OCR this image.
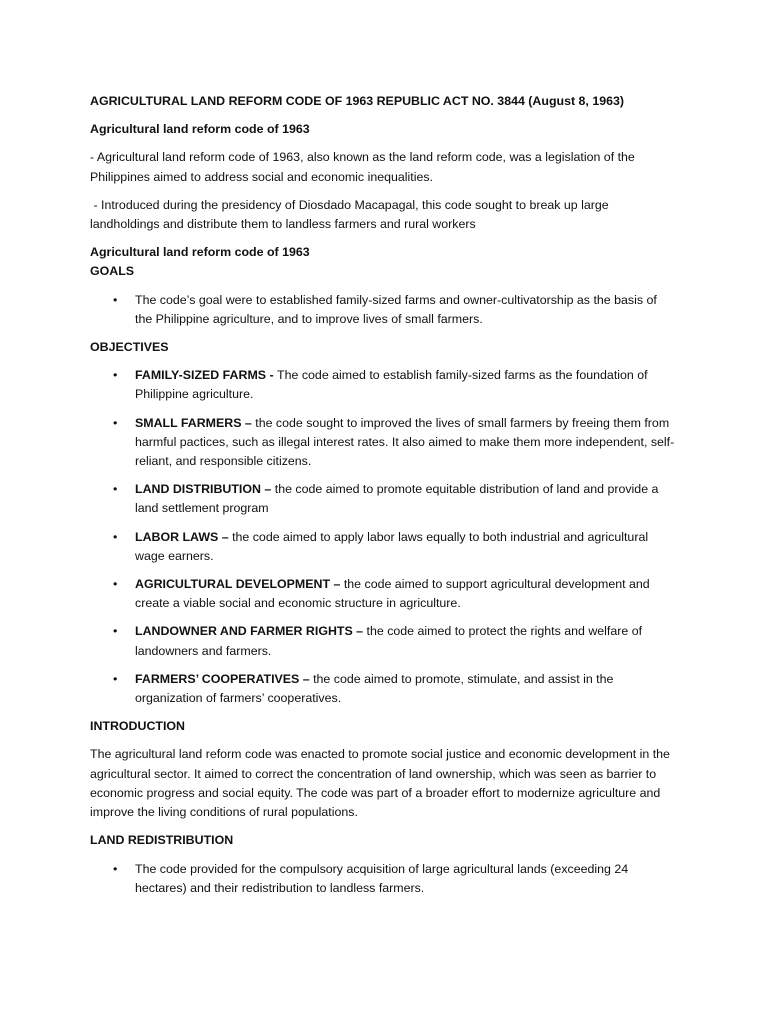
AGRICULTURAL LAND REFORM CODE OF 1963 REPUBLIC ACT NO. 3844 (August 8, 1963)

Agricultural land reform code of 1963

- Agricultural land reform code of 1963, also known as the land reform code, was a legislation of the Philippines aimed to address social and economic inequalities.

- Introduced during the presidency of Diosdado Macapagal, this code sought to break up large landholdings and distribute them to landless farmers and rural workers

Agricultural land reform code of 1963

GOALS

• The code’s goal were to established family-sized farms and owner-cultivatorship as the basis of the Philippine agriculture, and to improve lives of small farmers.

OBJECTIVES

• FAMILY-SIZED FARMS - The code aimed to establish family-sized farms as the foundation of Philippine agriculture.
• SMALL FARMERS – the code sought to improved the lives of small farmers by freeing them from harmful pactices, such as illegal interest rates. It also aimed to make them more independent, self-reliant, and responsible citizens.
• LAND DISTRIBUTION – the code aimed to promote equitable distribution of land and provide a land settlement program
• LABOR LAWS – the code aimed to apply labor laws equally to both industrial and agricultural wage earners.
• AGRICULTURAL DEVELOPMENT – the code aimed to support agricultural development and create a viable social and economic structure in agriculture.
• LANDOWNER AND FARMER RIGHTS – the code aimed to protect the rights and welfare of landowners and farmers.
• FARMERS’ COOPERATIVES – the code aimed to promote, stimulate, and assist in the organization of farmers’ cooperatives.

INTRODUCTION

The agricultural land reform code was enacted to promote social justice and economic development in the agricultural sector. It aimed to correct the concentration of land ownership, which was seen as barrier to economic progress and social equity. The code was part of a broader effort to modernize agriculture and improve the living conditions of rural populations.

LAND REDISTRIBUTION

• The code provided for the compulsory acquisition of large agricultural lands (exceeding 24 hectares) and their redistribution to landless farmers.
